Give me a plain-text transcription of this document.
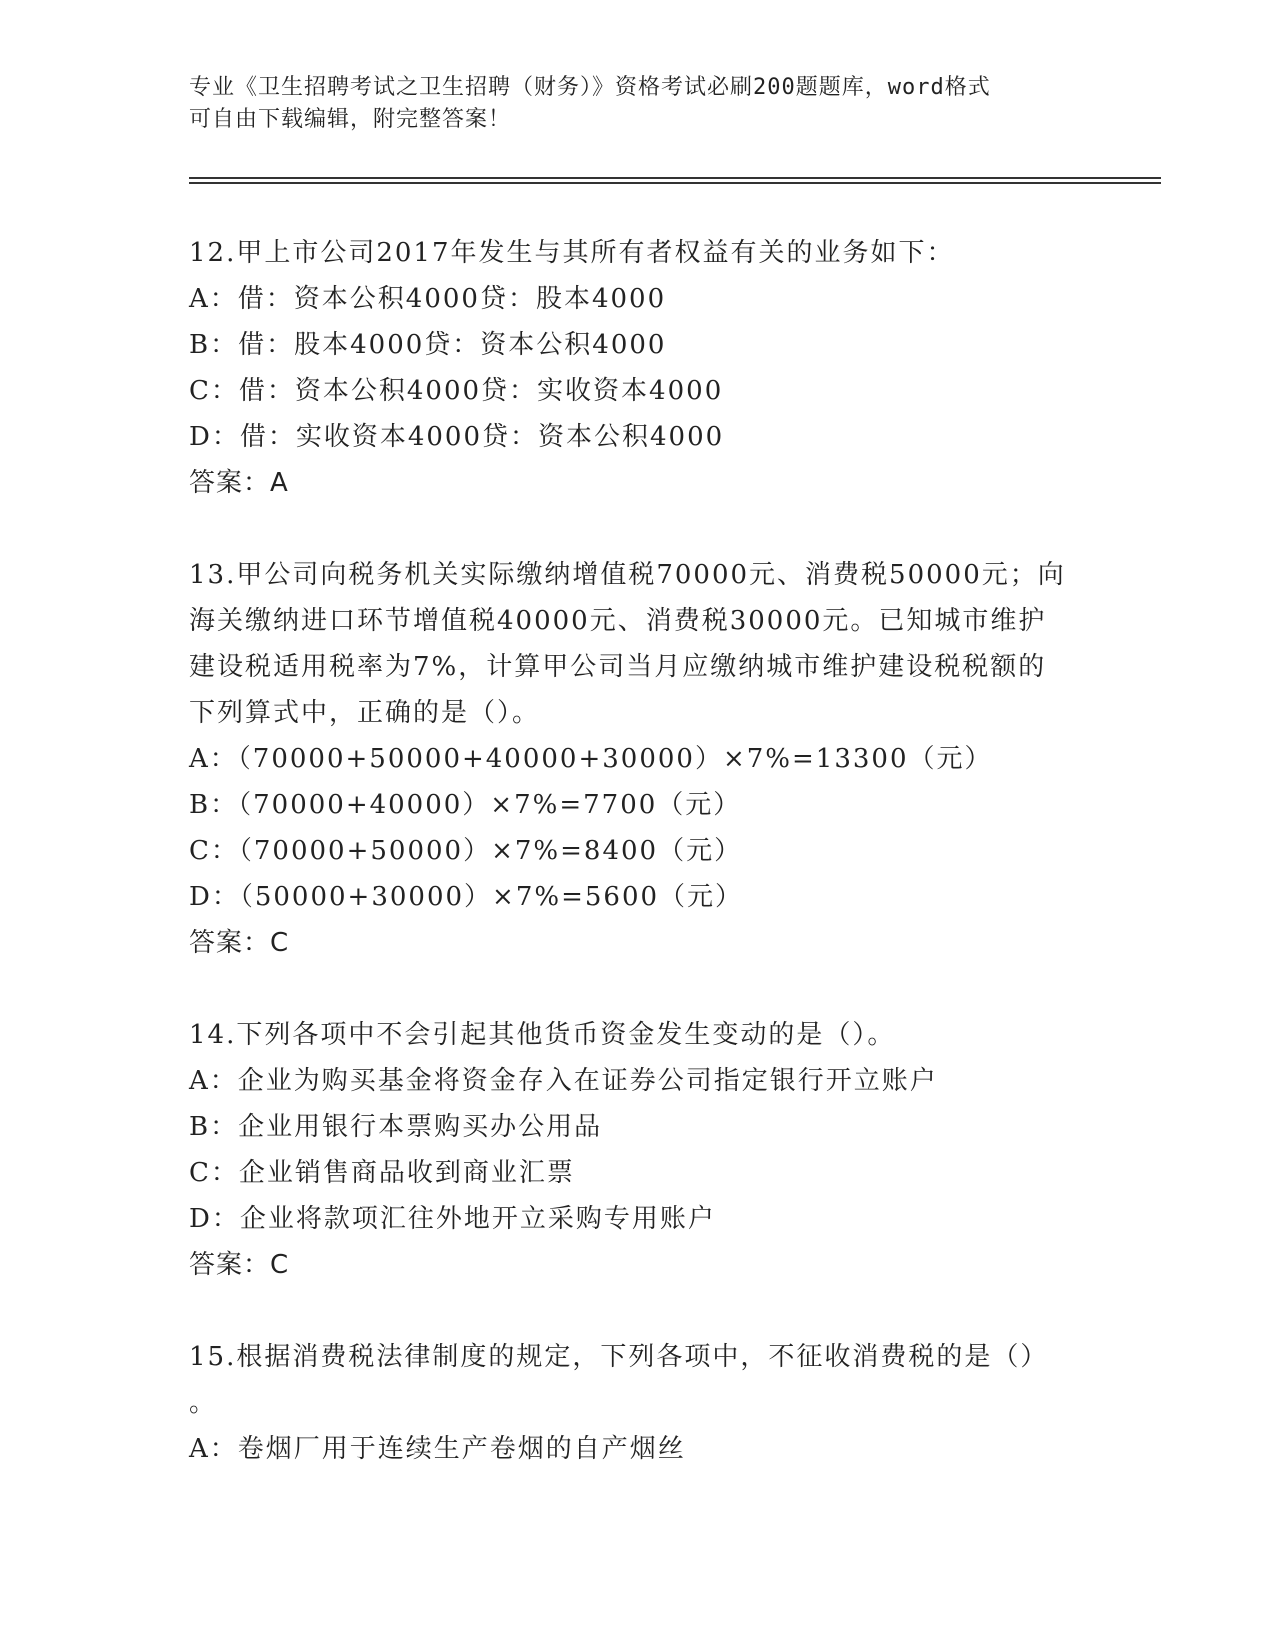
专业《卫生招聘考试之卫生招聘（财务）》资格考试必刷200题题库，word格式
可自由下载编辑，附完整答案！
12.甲上市公司2017年发生与其所有者权益有关的业务如下：
A：借：资本公积4000贷：股本4000
B：借：股本4000贷：资本公积4000
C：借：资本公积4000贷：实收资本4000
D：借：实收资本4000贷：资本公积4000
答案：A
13.甲公司向税务机关实际缴纳增值税70000元、消费税50000元；向
海关缴纳进口环节增值税40000元、消费税30000元。已知城市维护
建设税适用税率为7%，计算甲公司当月应缴纳城市维护建设税税额的
下列算式中，正确的是（）。
A：（70000+50000+40000+30000）×7%=13300（元）
B：（70000+40000）×7%=7700（元）
C：（70000+50000）×7%=8400（元）
D：（50000+30000）×7%=5600（元）
答案：C
14.下列各项中不会引起其他货币资金发生变动的是（）。
A：企业为购买基金将资金存入在证券公司指定银行开立账户
B：企业用银行本票购买办公用品
C：企业销售商品收到商业汇票
D：企业将款项汇往外地开立采购专用账户
答案：C
15.根据消费税法律制度的规定，下列各项中，不征收消费税的是（）
。
A：卷烟厂用于连续生产卷烟的自产烟丝
